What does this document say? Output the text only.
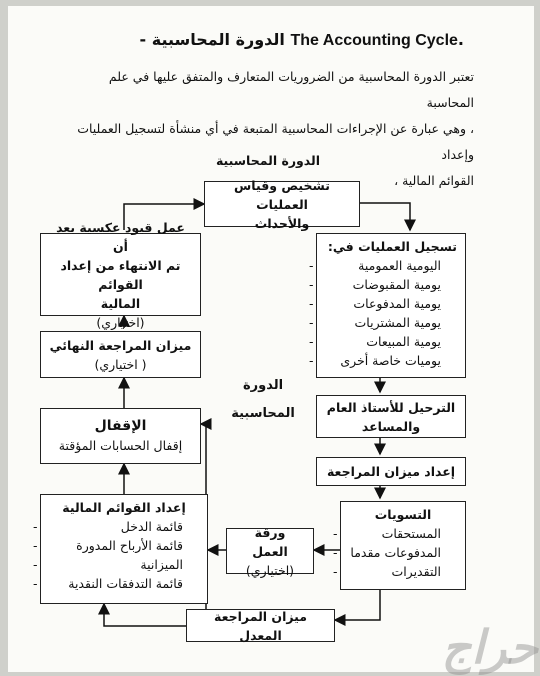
- الدورة المحاسبية The Accounting Cycle.
تعتبر الدورة المحاسبية من الضروريات المتعارف والمتفق عليها في علم المحاسبة
، وهي عبارة عن الإجراءات المحاسبية المتبعة في أي منشأة لتسجيل العمليات وإعداد
القوائم المالية ،
الدورة المحاسبية
تشخيص وقياس العمليات
والأحداث
تسجيل العمليات في:
اليومية العمومية -
يومية المقبوضات -
يومية المدفوعات -
يومية المشتريات -
يومية المبيعات -
يوميات خاصة أخرى -
الترحيل للأستاذ العام
والمساعد
إعداد ميزان المراجعة
التسويات
المستحقات -
المدفوعات مقدما -
التقديرات -
ورقة العمل
(اختياري)
ميزان المراجعة المعدل
إعداد القوائم المالية
قائمة الدخل -
قائمة الأرباح المدورة -
الميزانية -
قائمة التدفقات النقدية -
الإقفال
إقفال الحسابات المؤقتة
ميزان المراجعة النهائي
( اختياري)
عمل قيود عكسية بعد أن
تم الانتهاء من إعداد القوائم
المالية
(اختياري)
الدورة
المحاسبية
حراج
